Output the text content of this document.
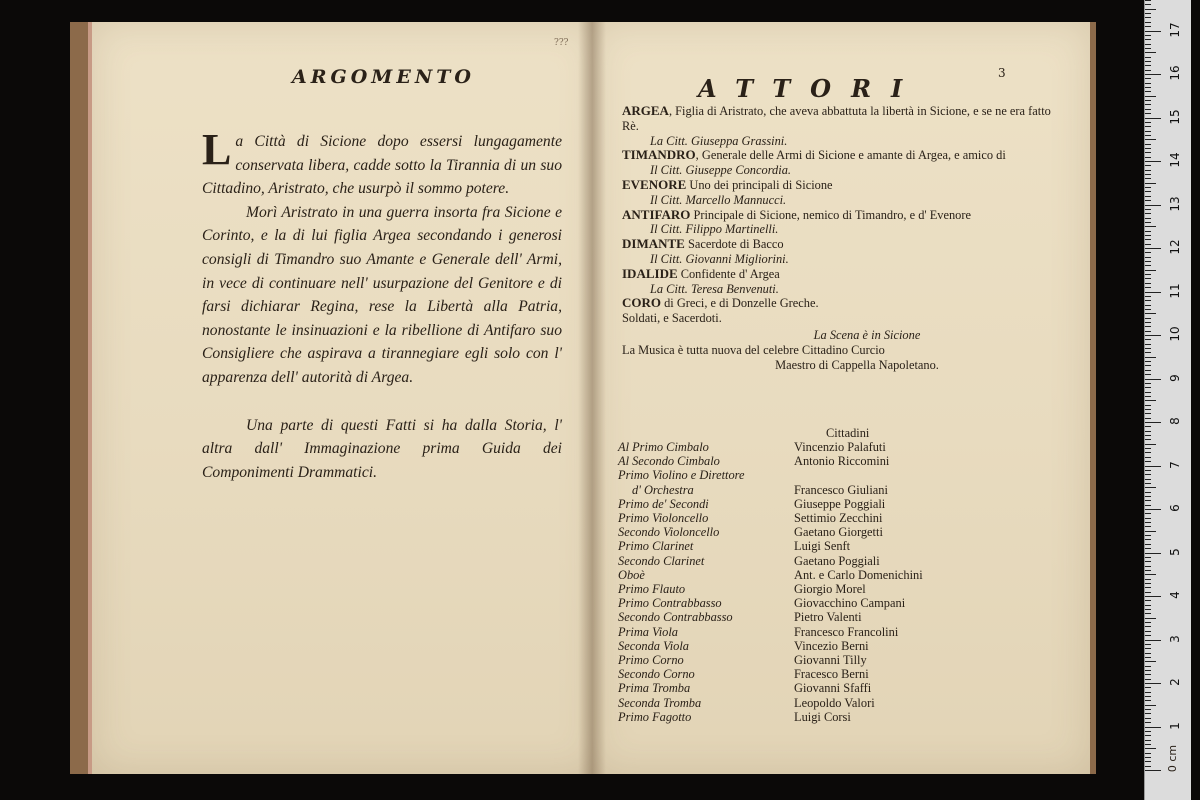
???
ARGOMENTO

La Città di Sicione dopo essersi lungagamente conservata libera, cadde sotto la Tirannia di un suo Cittadino, Aristrato, che usurpò il sommo potere.

Morì Aristrato in una guerra insorta fra Sicione e Corinto, e la di lui figlia Argea secondando i generosi consigli di Timandro suo Amante e Generale dell' Armi, in vece di continuare nell' usurpazione del Genitore e di farsi dichiarar Regina, rese la Libertà alla Patria, nonostante le insinuazioni e la ribellione di Antifaro suo Consigliere che aspirava a tirannegiare egli solo con l' apparenza dell' autorità di Argea.

Una parte di questi Fatti si ha dalla Storia, l' altra dall' Immaginazione prima Guida dei Componimenti Drammatici.

ATTORI
3

ARGEA, Figlia di Aristrato, che aveva abbattuta la libertà in Sicione, e se ne era fatto Rè.
La Citt. Giuseppa Grassini.

TIMANDRO, Generale delle Armi di Sicione e amante di Argea, e amico di
Il Citt. Giuseppe Concordia.

EVENORE Uno dei principali di Sicione
Il Citt. Marcello Mannucci.

ANTIFARO Principale di Sicione, nemico di Timandro, e d' Evenore
Il Citt. Filippo Martinelli.

DIMANTE Sacerdote di Bacco
Il Citt. Giovanni Migliorini.

IDALIDE Confidente d' Argea
La Citt. Teresa Benvenuti.

CORO di Greci, e di Donzelle Greche.

Soldati, e Sacerdoti.

La Scena è in Sicione

La Musica è tutta nuova del celebre Cittadino Curcio
Maestro di Cappella Napoletano.

Cittadini
Al Primo Cimbalo	Vincenzio Palafuti
Al Secondo Cimbalo	Antonio Riccomini
Primo Violino e Direttore
d' Orchestra	Francesco Giuliani
Primo de' Secondi	Giuseppe Poggiali
Primo Violoncello	Settimio Zecchini
Secondo Violoncello	Gaetano Giorgetti
Primo Clarinet	Luigi Senft
Secondo Clarinet	Gaetano Poggiali
Oboè	Ant. e Carlo Domenichini
Primo Flauto	Giorgio Morel
Primo Contrabbasso	Giovacchino Campani
Secondo Contrabbasso	Pietro Valenti
Prima Viola	Francesco Francolini
Seconda Viola	Vincezio Berni
Primo Corno	Giovanni Tilly
Secondo Corno	Fracesco Berni
Prima Tromba	Giovanni Sfaffi
Seconda Tromba	Leopoldo Valori
Primo Fagotto	Luigi Corsi
0 cm
1
2
3
4
5
6
7
8
9
10
11
12
13
14
15
16
17
